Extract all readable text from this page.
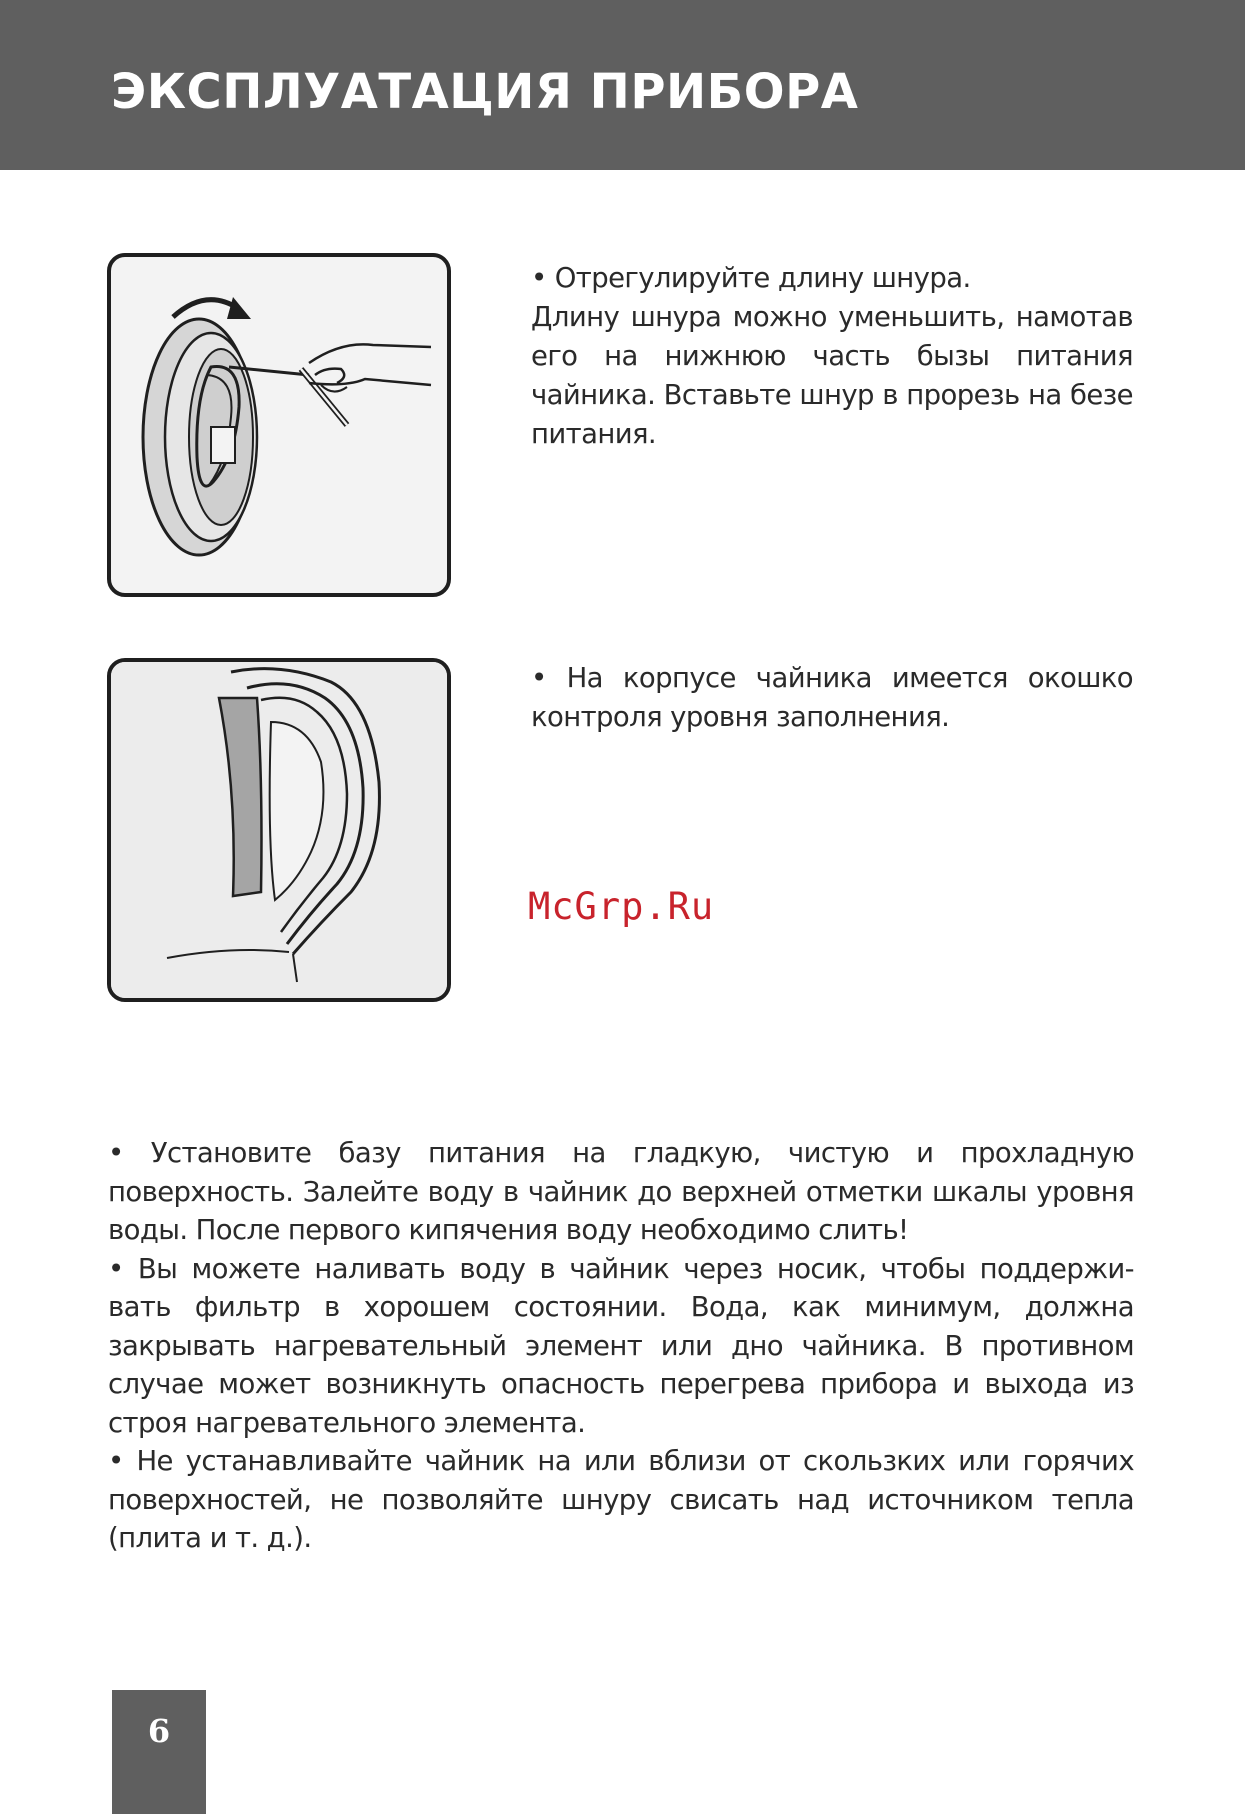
ЭКСПЛУАТАЦИЯ ПРИБОРА

• Отрегулируйте длину шнура.

Длину шнура можно уменьшить, намотав его на нижнюю часть бызы питания чайника. Вставьте шнур в прорезь на безе питания.

• На корпусе чайника имеется окошко контроля уровня заполнения.

McGrp.Ru

• Установите базу питания на гладкую, чистую и прохладную поверхность. Залейте воду в чайник до верхней отметки шкалы уровня воды. После первого кипячения воду необходимо слить!

• Вы можете наливать воду в чайник через носик, чтобы поддержи-вать фильтр в хорошем состоянии. Вода, как минимум, должна закрывать нагревательный элемент или дно чайника. В противном случае может возникнуть опасность перегрева прибора и выхода из строя нагревательного элемента.

• Не устанавливайте чайник на или вблизи от скользких или горячих поверхностей, не позволяйте шнуру свисать над источником тепла (плита и т. д.).

6
